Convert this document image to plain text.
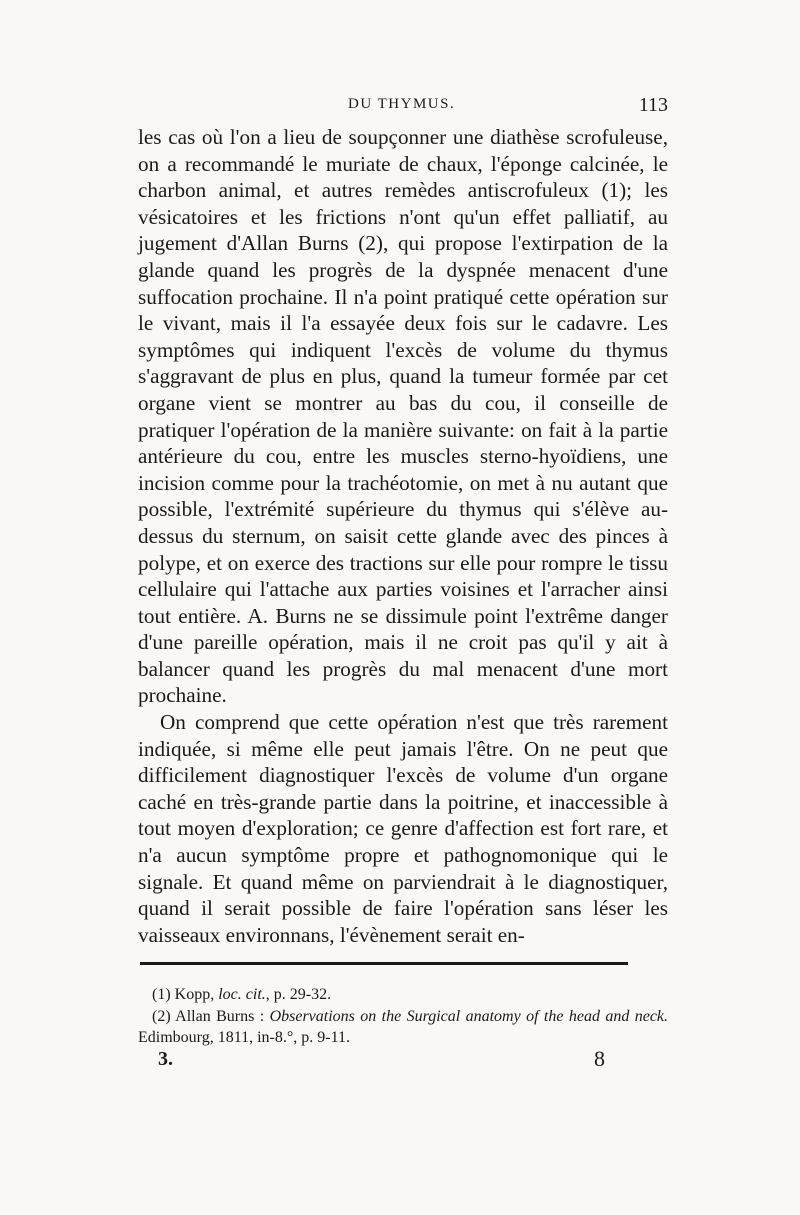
DU THYMUS.	113

les cas où l'on a lieu de soupçonner une diathèse scrofuleuse, on a recommandé le muriate de chaux, l'éponge calcinée, le charbon animal, et autres remèdes antiscrofuleux (1); les vésicatoires et les frictions n'ont qu'un effet palliatif, au jugement d'Allan Burns (2), qui propose l'extirpation de la glande quand les progrès de la dyspnée menacent d'une suffocation prochaine. Il n'a point pratiqué cette opération sur le vivant, mais il l'a essayée deux fois sur le cadavre. Les symptômes qui indiquent l'excès de volume du thymus s'aggravant de plus en plus, quand la tumeur formée par cet organe vient se montrer au bas du cou, il conseille de pratiquer l'opération de la manière suivante: on fait à la partie antérieure du cou, entre les muscles sterno-hyoïdiens, une incision comme pour la trachéotomie, on met à nu autant que possible, l'extrémité supérieure du thymus qui s'élève au-dessus du sternum, on saisit cette glande avec des pinces à polype, et on exerce des tractions sur elle pour rompre le tissu cellulaire qui l'attache aux parties voisines et l'arracher ainsi tout entière. A. Burns ne se dissimule point l'extrême danger d'une pareille opération, mais il ne croit pas qu'il y ait à balancer quand les progrès du mal menacent d'une mort prochaine.

On comprend que cette opération n'est que très rarement indiquée, si même elle peut jamais l'être. On ne peut que difficilement diagnostiquer l'excès de volume d'un organe caché en très-grande partie dans la poitrine, et inaccessible à tout moyen d'exploration; ce genre d'affection est fort rare, et n'a aucun symptôme propre et pathognomonique qui le signale. Et quand même on parviendrait à le diagnostiquer, quand il serait possible de faire l'opération sans léser les vaisseaux environnans, l'évènement serait en-

(1) Kopp, loc. cit., p. 29-32.

(2) Allan Burns : Observations on the Surgical anatomy of the head and neck. Edimbourg, 1811, in-8.°, p. 9-11.

3.	8
